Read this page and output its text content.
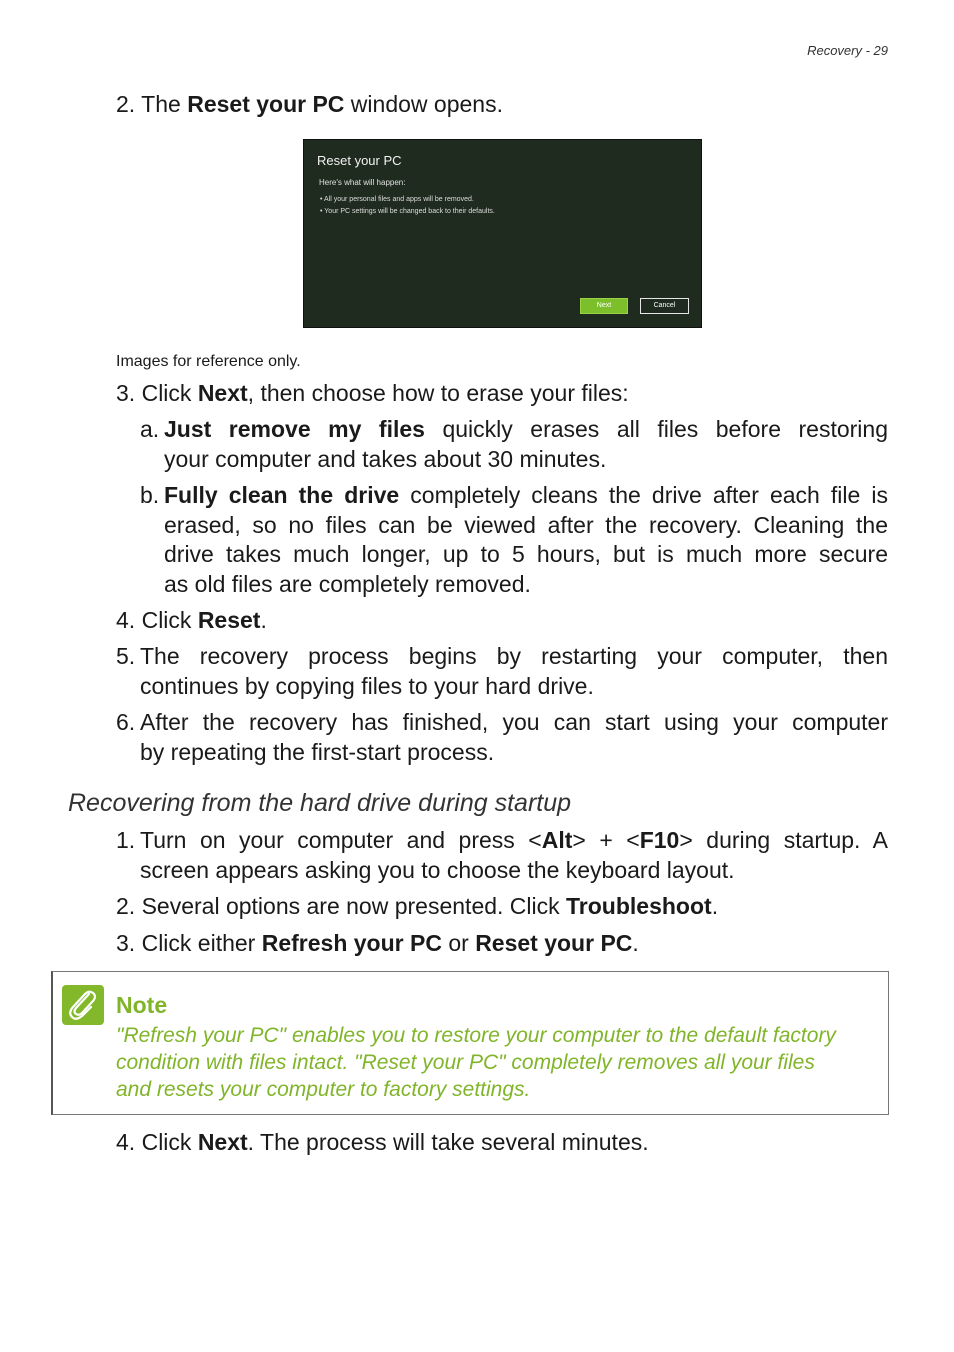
Recovery - 29
2. The Reset your PC window opens.
Reset your PC
Here's what will happen:
• All your personal files and apps will be removed.
• Your PC settings will be changed back to their defaults.
Next	Cancel
Images for reference only.
3. Click Next, then choose how to erase your files:
a. Just remove my files quickly erases all files before restoring
your computer and takes about 30 minutes.
b. Fully clean the drive completely cleans the drive after each file is
erased, so no files can be viewed after the recovery. Cleaning the
drive takes much longer, up to 5 hours, but is much more secure
as old files are completely removed.
4. Click Reset.
5. The recovery process begins by restarting your computer, then
continues by copying files to your hard drive.
6. After the recovery has finished, you can start using your computer
by repeating the first-start process.
Recovering from the hard drive during startup
1. Turn on your computer and press <Alt> + <F10> during startup. A
screen appears asking you to choose the keyboard layout.
2. Several options are now presented. Click Troubleshoot.
3. Click either Refresh your PC or Reset your PC.
Note
"Refresh your PC" enables you to restore your computer to the default factory
condition with files intact. "Reset your PC" completely removes all your files
and resets your computer to factory settings.
4. Click Next. The process will take several minutes.
